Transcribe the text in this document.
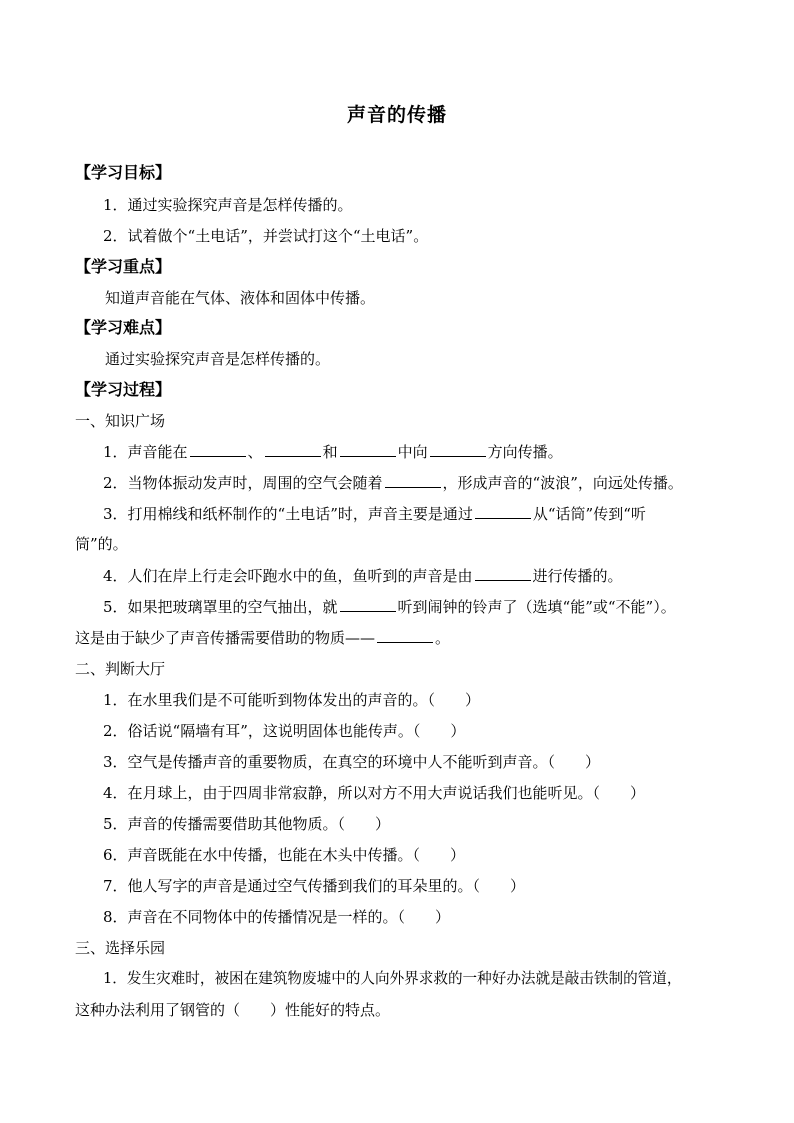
声音的传播
【学习目标】
1．通过实验探究声音是怎样传播的。
2．试着做个“土电话”，并尝试打这个“土电话”。
【学习重点】
知道声音能在气体、液体和固体中传播。
【学习难点】
通过实验探究声音是怎样传播的。
【学习过程】
一、知识广场
1．声音能在	、	和	中向	方向传播。
2．当物体振动发声时，周围的空气会随着	，形成声音的“波浪”，向远处传播。
3．打用棉线和纸杯制作的“土电话”时，声音主要是通过	从“话筒”传到“听
筒”的。
4．人们在岸上行走会吓跑水中的鱼，鱼听到的声音是由	进行传播的。
5．如果把玻璃罩里的空气抽出，就	听到闹钟的铃声了（选填“能”或“不能”）。
这是由于缺少了声音传播需要借助的物质——	。
二、判断大厅
1．在水里我们是不可能听到物体发出的声音的。（　　）
2．俗话说“隔墙有耳”，这说明固体也能传声。（　　）
3．空气是传播声音的重要物质，在真空的环境中人不能听到声音。（　　）
4．在月球上，由于四周非常寂静，所以对方不用大声说话我们也能听见。（　　）
5．声音的传播需要借助其他物质。（　　）
6．声音既能在水中传播，也能在木头中传播。（　　）
7．他人写字的声音是通过空气传播到我们的耳朵里的。（　　）
8．声音在不同物体中的传播情况是一样的。（　　）
三、选择乐园
1．发生灾难时，被困在建筑物废墟中的人向外界求救的一种好办法就是敲击铁制的管道，
这种办法利用了钢管的（　　）性能好的特点。
